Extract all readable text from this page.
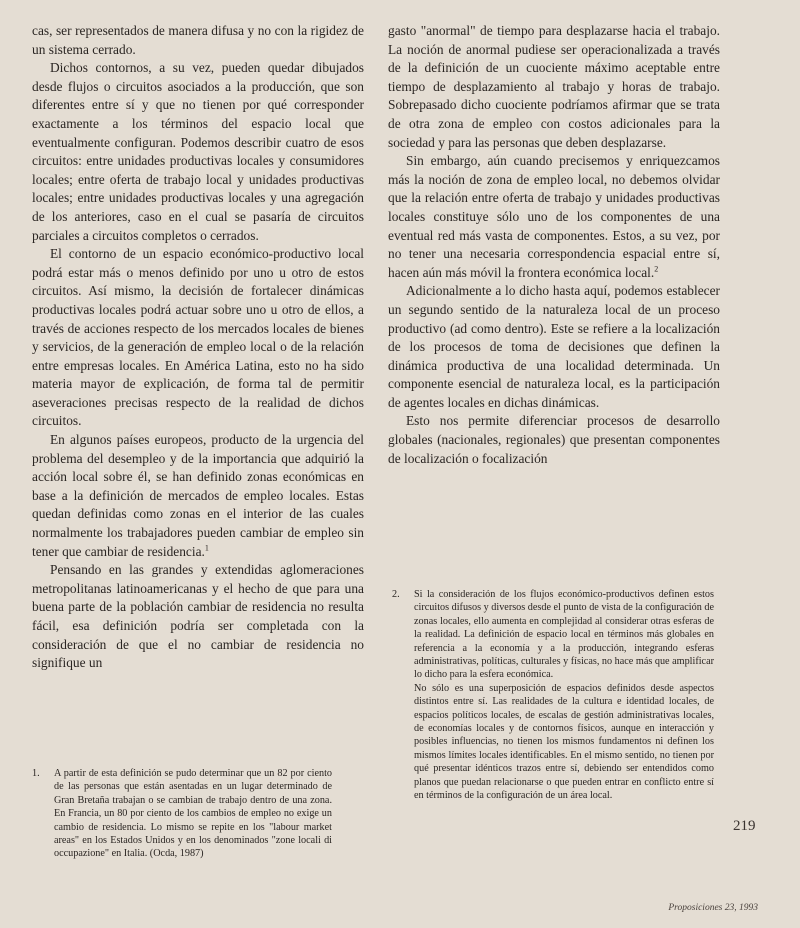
cas, ser representados de manera difusa y no con la rigidez de un sistema cerrado.

Dichos contornos, a su vez, pueden quedar dibujados desde flujos o circuitos asociados a la producción, que son diferentes entre sí y que no tienen por qué corresponder exactamente a los términos del espacio local que eventualmente configuran. Podemos describir cuatro de esos circuitos: entre unidades productivas locales y consumidores locales; entre oferta de trabajo local y unidades productivas locales; entre unidades productivas locales y una agregación de los anteriores, caso en el cual se pasaría de circuitos parciales a circuitos completos o cerrados.

El contorno de un espacio económico-productivo local podrá estar más o menos definido por uno u otro de estos circuitos. Así mismo, la decisión de fortalecer dinámicas productivas locales podrá actuar sobre uno u otro de ellos, a través de acciones respecto de los mercados locales de bienes y servicios, de la generación de empleo local o de la relación entre empresas locales. En América Latina, esto no ha sido materia mayor de explicación, de forma tal de permitir aseveraciones precisas respecto de la realidad de dichos circuitos.

En algunos países europeos, producto de la urgencia del problema del desempleo y de la importancia que adquirió la acción local sobre él, se han definido zonas económicas en base a la definición de mercados de empleo locales. Estas quedan definidas como zonas en el interior de las cuales normalmente los trabajadores pueden cambiar de empleo sin tener que cambiar de residencia.$^1$

Pensando en las grandes y extendidas aglomeraciones metropolitanas latinoamericanas y el hecho de que para una buena parte de la población cambiar de residencia no resulta fácil, esa definición podría ser completada con la consideración de que el no cambiar de residencia no signifique un

gasto "anormal" de tiempo para desplazarse hacia el trabajo. La noción de anormal pudiese ser operacionalizada a través de la definición de un cuociente máximo aceptable entre tiempo de desplazamiento al trabajo y horas de trabajo. Sobrepasado dicho cuociente podríamos afirmar que se trata de otra zona de empleo con costos adicionales para la sociedad y para las personas que deben desplazarse.

Sin embargo, aún cuando precisemos y enriquezcamos más la noción de zona de empleo local, no debemos olvidar que la relación entre oferta de trabajo y unidades productivas locales constituye sólo uno de los componentes de una eventual red más vasta de componentes. Estos, a su vez, por no tener una necesaria correspondencia espacial entre sí, hacen aún más móvil la frontera económica local.$^2$

Adicionalmente a lo dicho hasta aquí, podemos establecer un segundo sentido de la naturaleza local de un proceso productivo (ad como dentro). Este se refiere a la localización de los procesos de toma de decisiones que definen la dinámica productiva de una localidad determinada. Un componente esencial de naturaleza local, es la participación de agentes locales en dichas dinámicas.

Esto nos permite diferenciar procesos de desarrollo globales (nacionales, regionales) que presentan componentes de localización o focalización

1.	A partir de esta definición se pudo determinar que un 82 por ciento de las personas que están asentadas en un lugar determinado de Gran Bretaña trabajan o se cambian de trabajo dentro de una zona. En Francia, un 80 por ciento de los cambios de empleo no exige un cambio de residencia. Lo mismo se repite en los "labour market areas" en los Estados Unidos y en los denominados "zone locali di occupazione" en Italia. (Ocda, 1987)

2.	Si la consideración de los flujos económico-productivos definen estos circuitos difusos y diversos desde el punto de vista de la configuración de zonas locales, ello aumenta en complejidad al considerar otras esferas de la realidad. La definición de espacio local en términos más globales en referencia a la economía y a la producción, integrando esferas administrativas, políticas, culturales y físicas, no hace más que amplificar lo dicho para la esfera económica.

No sólo es una superposición de espacios definidos desde aspectos distintos entre sí. Las realidades de la cultura e identidad locales, de espacios políticos locales, de escalas de gestión administrativas locales, de economías locales y de contornos físicos, aunque en interacción y posibles influencias, no tienen los mismos fundamentos ni definen los mismos límites locales identificables. En el mismo sentido, no tienen por qué presentar idénticos trazos entre sí, debiendo ser entendidos como planos que puedan relacionarse o que pueden entrar en conflicto entre sí en términos de la configuración de un área local.

219
Proposiciones 23, 1993
